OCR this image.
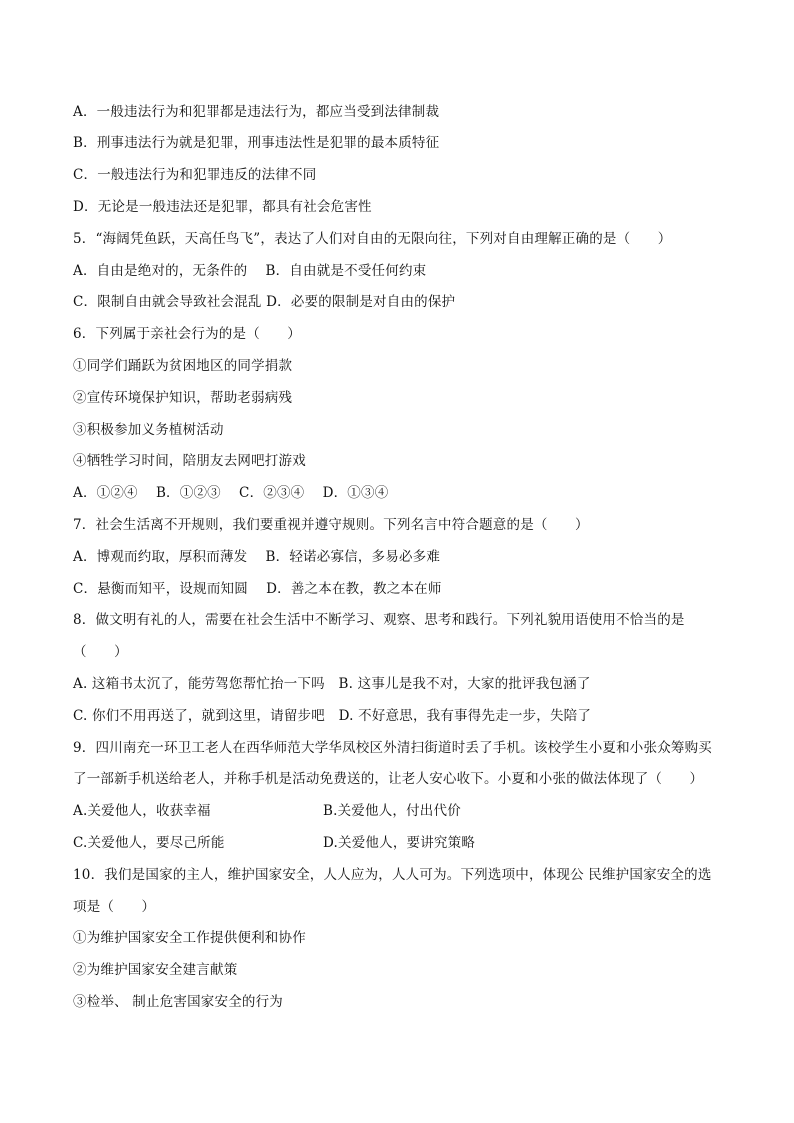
A．一般违法行为和犯罪都是违法行为，都应当受到法律制裁
B．刑事违法行为就是犯罪，刑事违法性是犯罪的最本质特征
C．一般违法行为和犯罪违反的法律不同
D．无论是一般违法还是犯罪，都具有社会危害性
5．“海阔凭鱼跃，天高任鸟飞”，表达了人们对自由的无限向往，下列对自由理解正确的是（　　）
A．自由是绝对的，无条件的　 B．自由就是不受任何约束
C．限制自由就会导致社会混乱 D．必要的限制是对自由的保护
6．下列属于亲社会行为的是（　　）
①同学们踊跃为贫困地区的同学捐款
②宣传环境保护知识，帮助老弱病残
③积极参加义务植树活动
④牺牲学习时间，陪朋友去网吧打游戏
A．①②④　 B．①②③　 C．②③④　 D．①③④
7．社会生活离不开规则，我们要重视并遵守规则。下列名言中符合题意的是（　　）
A．博观而约取，厚积而薄发　 B．轻诺必寡信，多易必多难
C．悬衡而知平，设规而知圆　 D．善之本在教，教之本在师
8．做文明有礼的人，需要在社会生活中不断学习、观察、思考和践行。下列礼貌用语使用不恰当的是
（　　）
A. 这箱书太沉了，能劳驾您帮忙抬一下吗　B. 这事儿是我不对，大家的批评我包涵了
C. 你们不用再送了，就到这里，请留步吧　D. 不好意思，我有事得先走一步，失陪了
9．四川南充一环卫工老人在西华师范大学华凤校区外清扫街道时丢了手机。该校学生小夏和小张众筹购买
了一部新手机送给老人，并称手机是活动免费送的，让老人安心收下。小夏和小张的做法体现了（　　）
A.关爱他人，收获幸福	B.关爱他人，付出代价
C.关爱他人，要尽己所能	D.关爱他人，要讲究策略
10．我们是国家的主人，维护国家安全，人人应为，人人可为。下列选项中，体现公 民维护国家安全的选
项是（　　）
①为维护国家安全工作提供便利和协作
②为维护国家安全建言献策
③检举、 制止危害国家安全的行为
